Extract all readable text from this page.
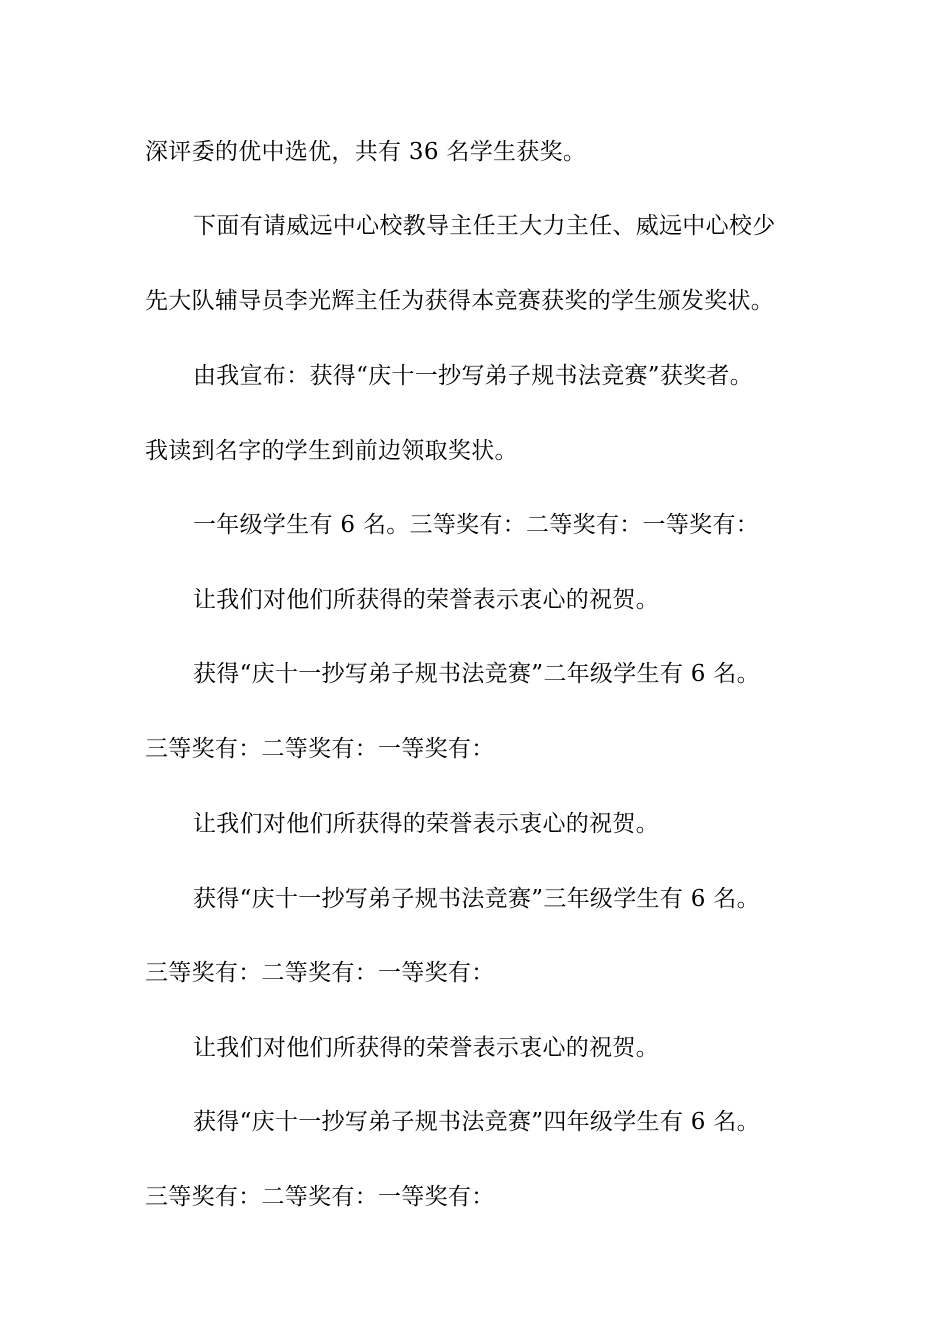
深评委的优中选优，共有 36 名学生获奖。
下面有请威远中心校教导主任王大力主任、威远中心校少
先大队辅导员李光辉主任为获得本竞赛获奖的学生颁发奖状。
由我宣布：获得“庆十一抄写弟子规书法竞赛”获奖者。
我读到名字的学生到前边领取奖状。
一年级学生有 6 名。三等奖有：二等奖有：一等奖有：
让我们对他们所获得的荣誉表示衷心的祝贺。
获得“庆十一抄写弟子规书法竞赛”二年级学生有 6 名。
三等奖有：二等奖有：一等奖有：
让我们对他们所获得的荣誉表示衷心的祝贺。
获得“庆十一抄写弟子规书法竞赛”三年级学生有 6 名。
三等奖有：二等奖有：一等奖有：
让我们对他们所获得的荣誉表示衷心的祝贺。
获得“庆十一抄写弟子规书法竞赛”四年级学生有 6 名。
三等奖有：二等奖有：一等奖有：
